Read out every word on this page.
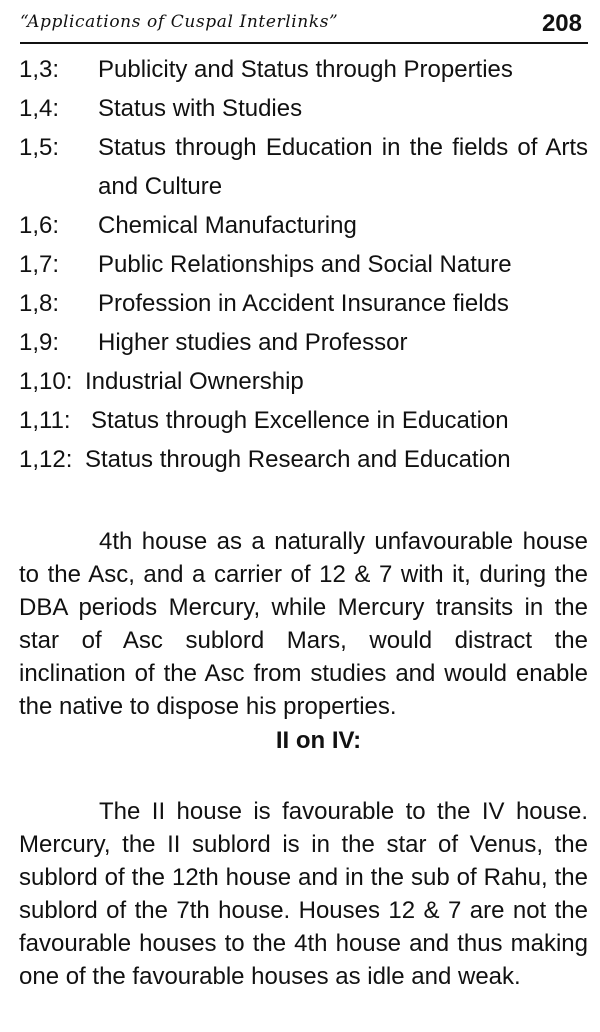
“Applications of Cuspal Interlinks”	208
1,3:	Publicity and Status through Properties
1,4:	Status with Studies
1,5:	Status through Education in the fields of Arts and Culture
1,6:	Chemical Manufacturing
1,7:	Public Relationships and Social Nature
1,8:	Profession in Accident Insurance fields
1,9:	Higher studies and Professor
1,10: Industrial Ownership
1,11: Status through Excellence in Education
1,12: Status through Research and Education

4th house as a naturally unfavourable house to the Asc, and a carrier of 12 & 7 with it, during the DBA periods Mercury, while Mercury transits in the star of Asc sublord Mars, would distract the inclination of the Asc from studies and would enable the native to dispose his properties.

II on IV:

The II house is favourable to the IV house. Mercury, the II sublord is in the star of Venus, the sublord of the 12th house and in the sub of Rahu, the sublord of the 7th house. Houses 12 & 7 are not the favourable houses to the 4th house and thus making one of the favourable houses as idle and weak.
